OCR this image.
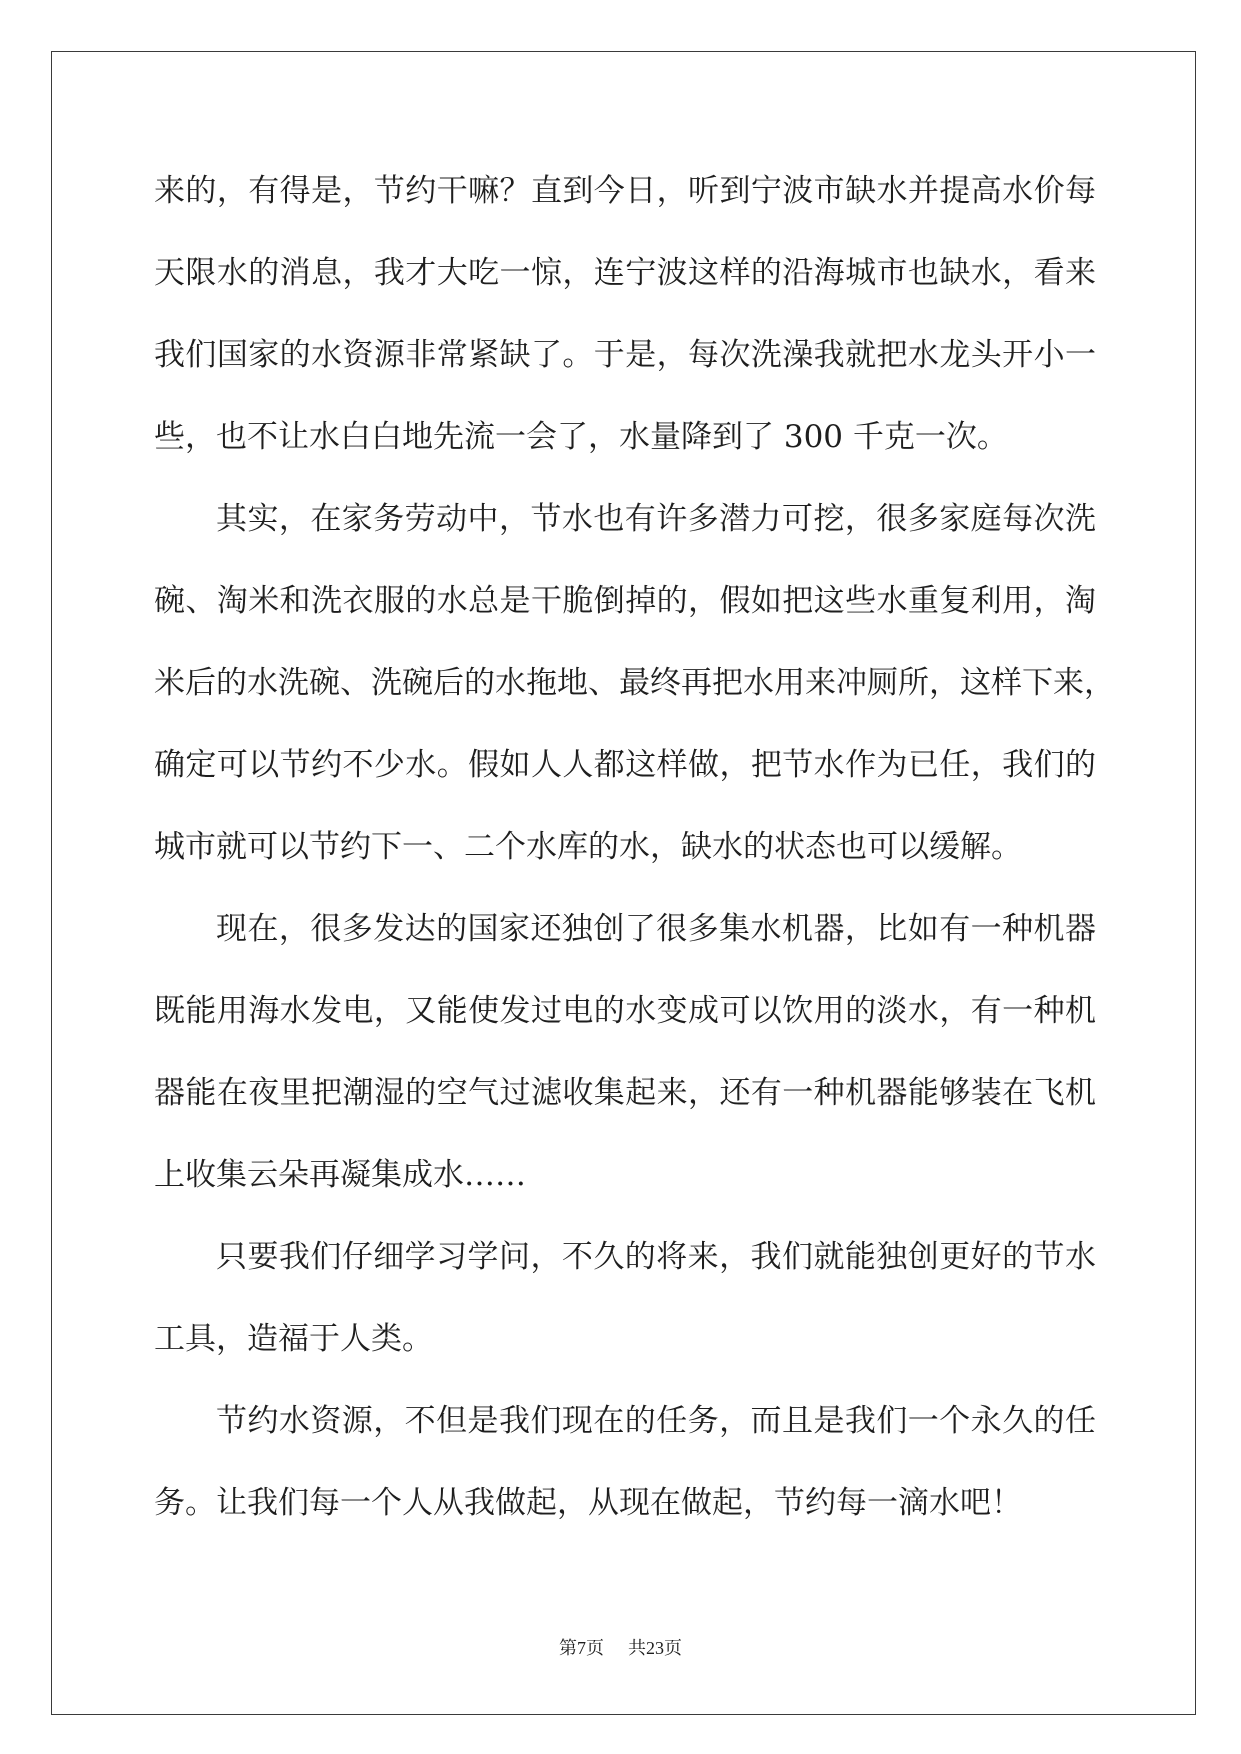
来的，有得是，节约干嘛？直到今日，听到宁波市缺水并提高水价每
天限水的消息，我才大吃一惊，连宁波这样的沿海城市也缺水，看来
我们国家的水资源非常紧缺了。于是，每次洗澡我就把水龙头开小一
些，也不让水白白地先流一会了，水量降到了 300 千克一次。
其实，在家务劳动中，节水也有许多潜力可挖，很多家庭每次洗
碗、淘米和洗衣服的水总是干脆倒掉的，假如把这些水重复利用，淘
米后的水洗碗、洗碗后的水拖地、最终再把水用来冲厕所，这样下来，
确定可以节约不少水。假如人人都这样做，把节水作为已任，我们的
城市就可以节约下一、二个水库的水，缺水的状态也可以缓解。
现在，很多发达的国家还独创了很多集水机器，比如有一种机器
既能用海水发电，又能使发过电的水变成可以饮用的淡水，有一种机
器能在夜里把潮湿的空气过滤收集起来，还有一种机器能够装在飞机
上收集云朵再凝集成水……
只要我们仔细学习学问，不久的将来，我们就能独创更好的节水
工具，造福于人类。
节约水资源，不但是我们现在的任务，而且是我们一个永久的任
务。让我们每一个人从我做起，从现在做起，节约每一滴水吧！
第7页 共23页
